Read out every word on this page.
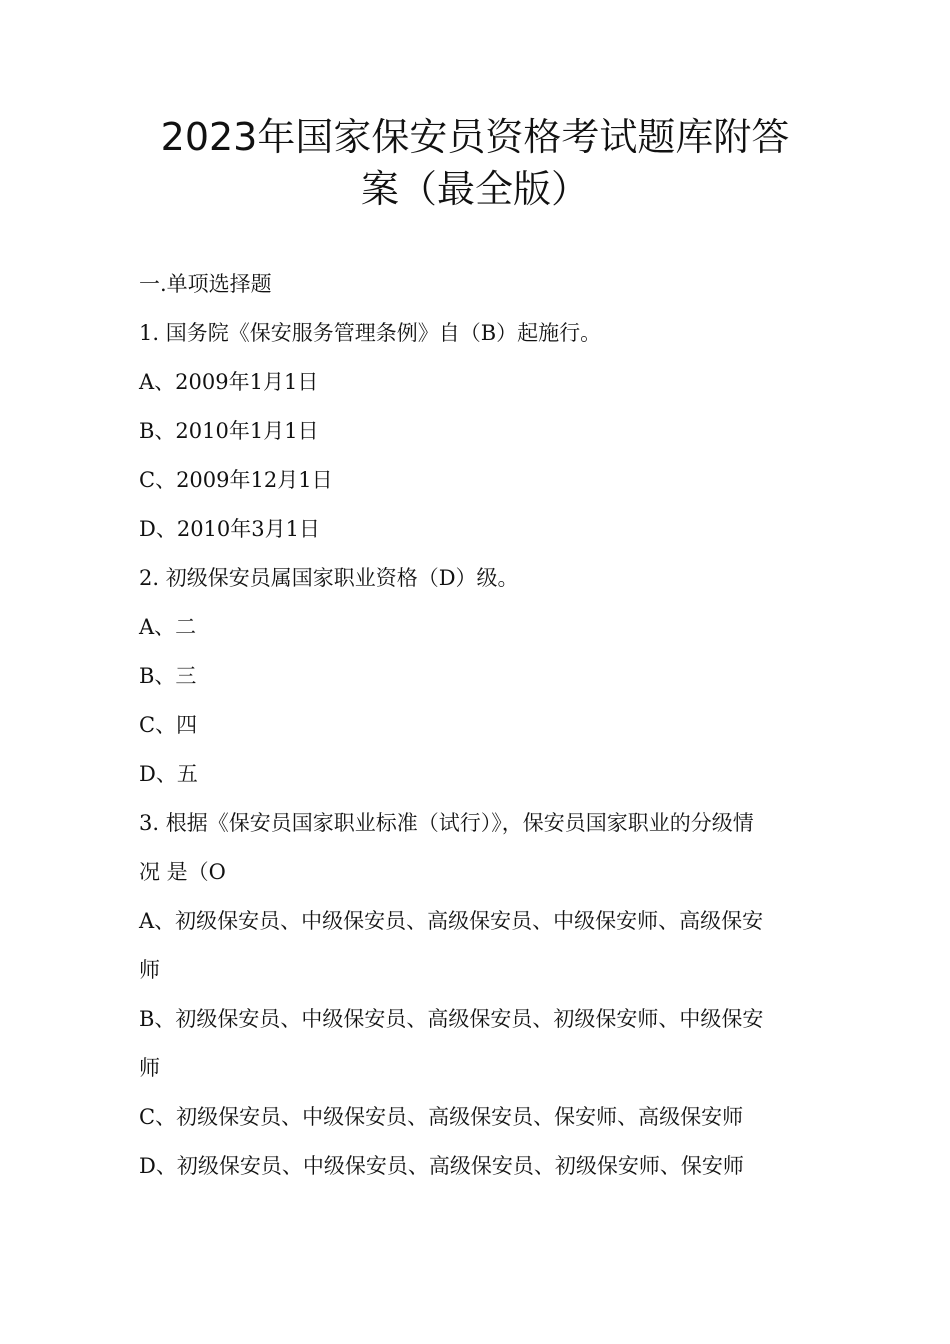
2023年国家保安员资格考试题库附答
案（最全版）
一.单项选择题
1. 国务院《保安服务管理条例》自（B）起施行。
A、2009年1月1日
B、2010年1月1日
C、2009年12月1日
D、2010年3月1日
2. 初级保安员属国家职业资格（D）级。
A、二
B、三
C、四
D、五
3. 根据《保安员国家职业标准（试行）》，保安员国家职业的分级情
况 是（O
A、初级保安员、中级保安员、高级保安员、中级保安师、高级保安
师
B、初级保安员、中级保安员、高级保安员、初级保安师、中级保安
师
C、初级保安员、中级保安员、高级保安员、保安师、高级保安师
D、初级保安员、中级保安员、高级保安员、初级保安师、保安师
